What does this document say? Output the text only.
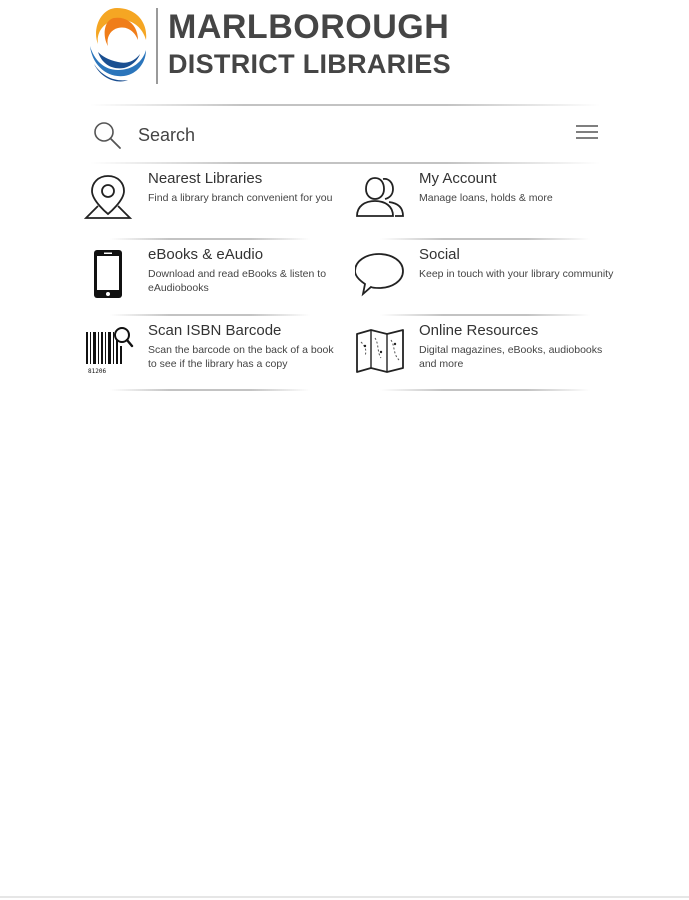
MARLBOROUGH
DISTRICT LIBRARIES
Search
Nearest Libraries
Find a library branch convenient for you
My Account
Manage loans, holds & more
eBooks & eAudio
Download and read eBooks & listen to eAudiobooks
Social
Keep in touch with your library community
81206
Scan ISBN Barcode
Scan the barcode on the back of a book to see if the library has a copy
Online Resources
Digital magazines, eBooks, audiobooks and more
